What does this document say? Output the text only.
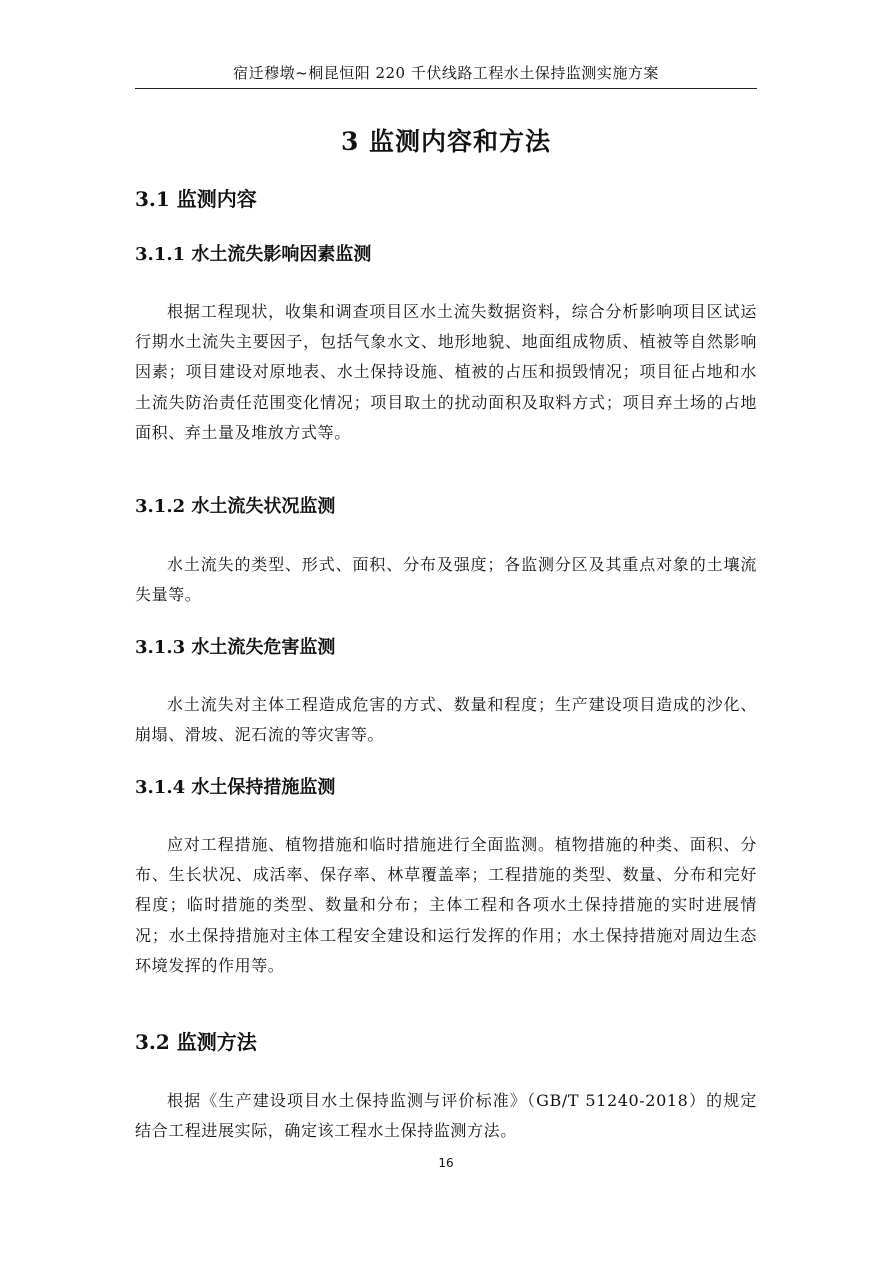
宿迁穆墩~桐昆恒阳 220 千伏线路工程水土保持监测实施方案
3 监测内容和方法
3.1 监测内容
3.1.1 水土流失影响因素监测

根据工程现状，收集和调查项目区水土流失数据资料，综合分析影响项目区试运行期水土流失主要因子，包括气象水文、地形地貌、地面组成物质、植被等自然影响因素；项目建设对原地表、水土保持设施、植被的占压和损毁情况；项目征占地和水土流失防治责任范围变化情况；项目取土的扰动面积及取料方式；项目弃土场的占地面积、弃土量及堆放方式等。

3.1.2 水土流失状况监测

水土流失的类型、形式、面积、分布及强度；各监测分区及其重点对象的土壤流失量等。

3.1.3 水土流失危害监测

水土流失对主体工程造成危害的方式、数量和程度；生产建设项目造成的沙化、崩塌、滑坡、泥石流的等灾害等。

3.1.4 水土保持措施监测

应对工程措施、植物措施和临时措施进行全面监测。植物措施的种类、面积、分布、生长状况、成活率、保存率、林草覆盖率；工程措施的类型、数量、分布和完好程度；临时措施的类型、数量和分布；主体工程和各项水土保持措施的实时进展情况；水土保持措施对主体工程安全建设和运行发挥的作用；水土保持措施对周边生态环境发挥的作用等。

3.2 监测方法

根据《生产建设项目水土保持监测与评价标准》（GB/T 51240-2018）的规定结合工程进展实际，确定该工程水土保持监测方法。

16
